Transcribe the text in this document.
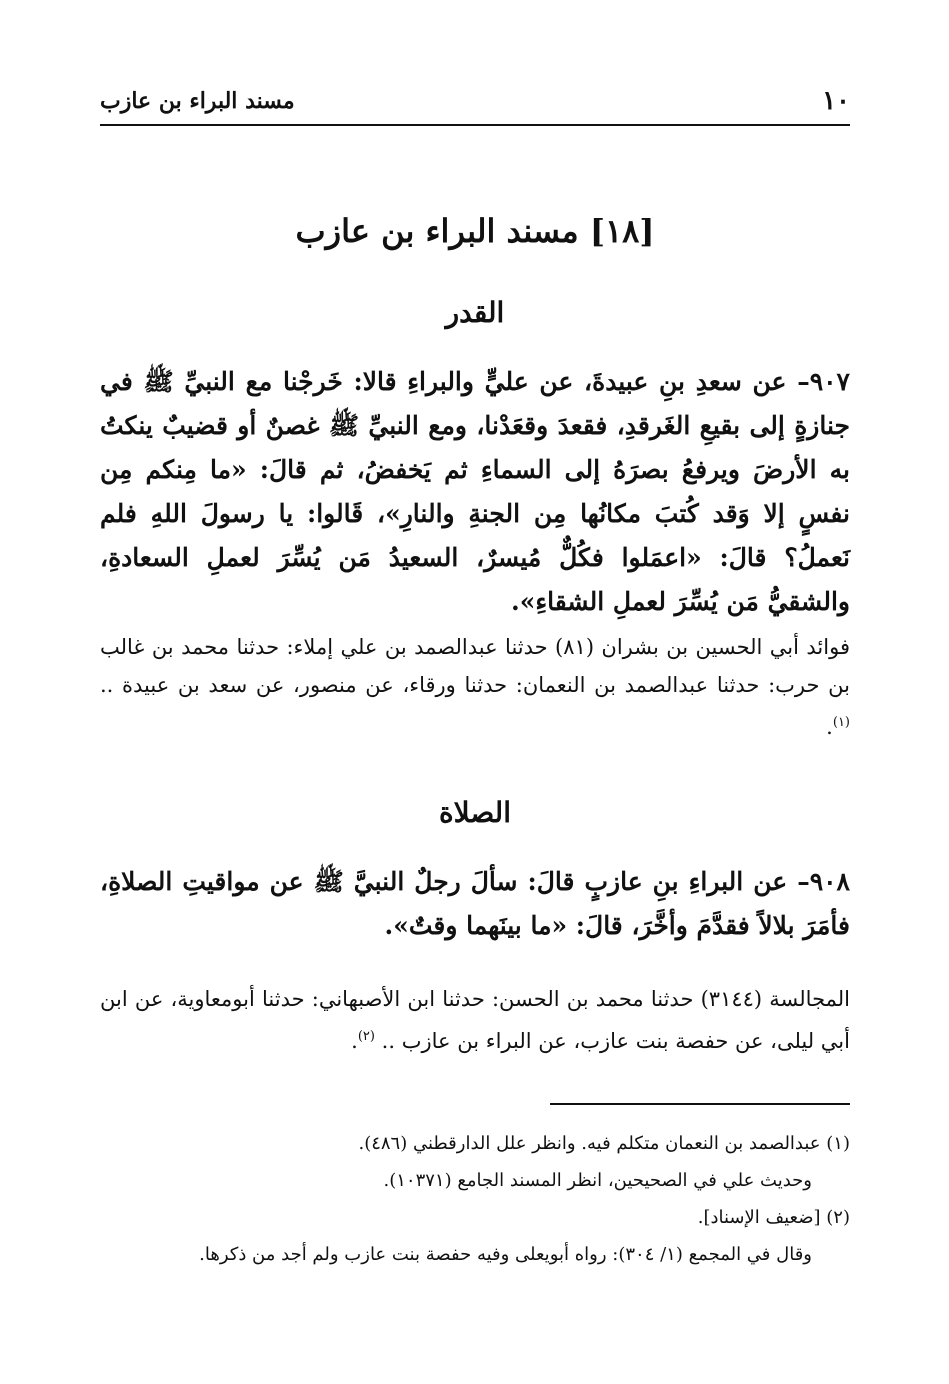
١٠
مسند البراء بن عازب
[١٨] مسند البراء بن عازب
القدر

٩٠٧– عن سعدِ بنِ عبيدةَ، عن عليٍّ والبراءِ قالا: خَرجْنا مع النبيِّ ﷺ في جنازةٍ إلى بقيعِ الغَرقدِ، فقعدَ وقعَدْنا، ومع النبيِّ ﷺ غصنٌ أو قضيبٌ ينكتُ به الأرضَ ويرفعُ بصرَهُ إلى السماءِ ثم يَخفضُ، ثم قالَ: «ما مِنكم مِن نفسٍ إلا وَقد كُتبَ مكانُها مِن الجنةِ والنارِ»، قَالوا: يا رسولَ اللهِ فلم نَعملُ؟ قالَ: «اعمَلوا فكُلٌّ مُيسرٌ، السعيدُ مَن يُسِّرَ لعملِ السعادةِ، والشقيُّ مَن يُسِّرَ لعملِ الشقاءِ».

فوائد أبي الحسين بن بشران (٨١) حدثنا عبدالصمد بن علي إملاء: حدثنا محمد بن غالب بن حرب: حدثنا عبدالصمد بن النعمان: حدثنا ورقاء، عن منصور، عن سعد بن عبيدة .. $^{(١)}$.

الصلاة

٩٠٨– عن البراءِ بنِ عازبٍ قالَ: سألَ رجلٌ النبيَّ ﷺ عن مواقيتِ الصلاةِ، فأمَرَ بلالاً فقدَّمَ وأخَّرَ، قالَ: «ما بينَهما وقتٌ».

المجالسة (٣١٤٤) حدثنا محمد بن الحسن: حدثنا ابن الأصبهاني: حدثنا أبومعاوية، عن ابن أبي ليلى، عن حفصة بنت عازب، عن البراء بن عازب .. $^{(٢)}$.

(١) عبدالصمد بن النعمان متكلم فيه. وانظر علل الدارقطني (٤٨٦).
وحديث علي في الصحيحين، انظر المسند الجامع (١٠٣٧١).
(٢) [ضعيف الإسناد].
وقال في المجمع (١/ ٣٠٤): رواه أبويعلى وفيه حفصة بنت عازب ولم أجد من ذكرها.
